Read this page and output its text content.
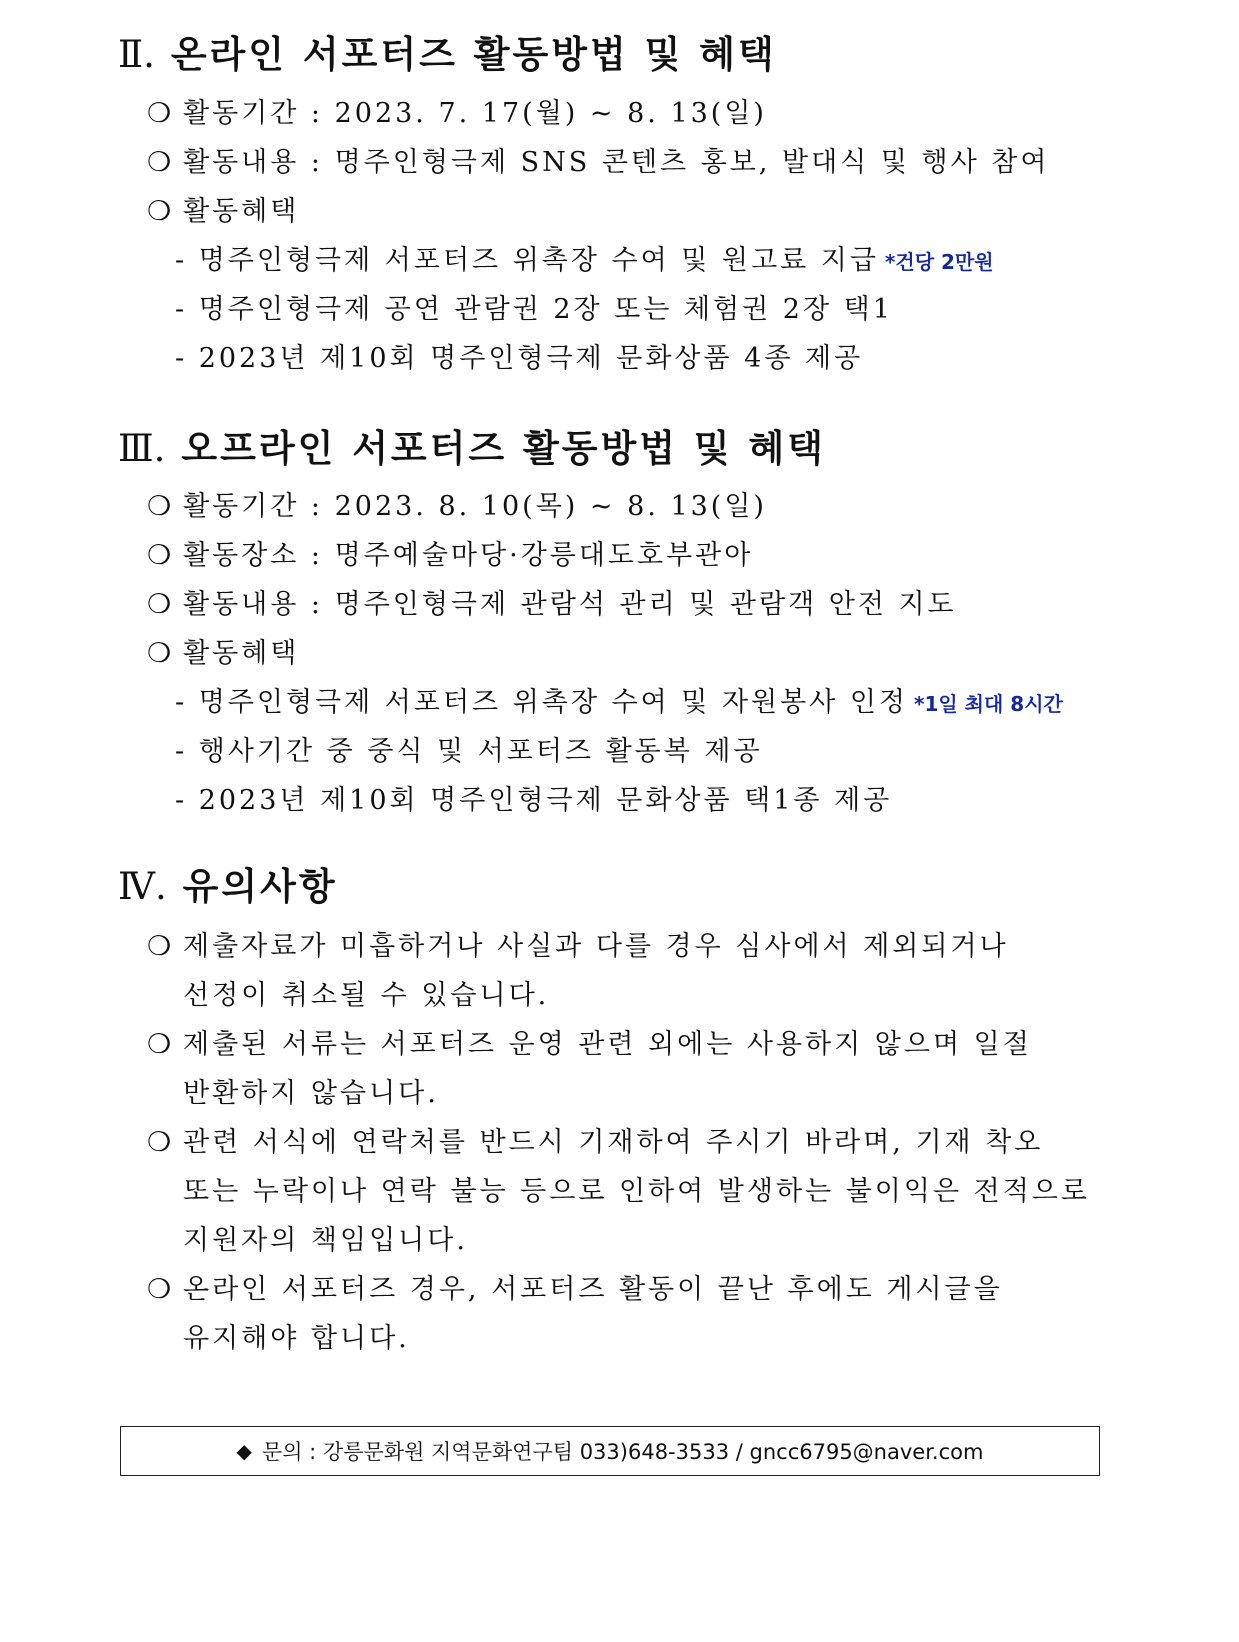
Ⅱ. 온라인 서포터즈 활동방법 및 혜택
❍ 활동기간 : 2023. 7. 17(월) ~ 8. 13(일)
❍ 활동내용 : 명주인형극제 SNS 콘텐츠 홍보, 발대식 및 행사 참여
❍ 활동혜택
- 명주인형극제 서포터즈 위촉장 수여 및 원고료 지급 *건당 2만원
- 명주인형극제 공연 관람권 2장 또는 체험권 2장 택1
- 2023년 제10회 명주인형극제 문화상품 4종 제공
Ⅲ. 오프라인 서포터즈 활동방법 및 혜택
❍ 활동기간 : 2023. 8. 10(목) ~ 8. 13(일)
❍ 활동장소 : 명주예술마당·강릉대도호부관아
❍ 활동내용 : 명주인형극제 관람석 관리 및 관람객 안전 지도
❍ 활동혜택
- 명주인형극제 서포터즈 위촉장 수여 및 자원봉사 인정 *1일 최대 8시간
- 행사기간 중 중식 및 서포터즈 활동복 제공
- 2023년 제10회 명주인형극제 문화상품 택1종 제공
Ⅳ. 유의사항
❍ 제출자료가 미흡하거나 사실과 다를 경우 심사에서 제외되거나
선정이 취소될 수 있습니다.
❍ 제출된 서류는 서포터즈 운영 관련 외에는 사용하지 않으며 일절
반환하지 않습니다.
❍ 관련 서식에 연락처를 반드시 기재하여 주시기 바라며, 기재 착오
또는 누락이나 연락 불능 등으로 인하여 발생하는 불이익은 전적으로
지원자의 책임입니다.
❍ 온라인 서포터즈 경우, 서포터즈 활동이 끝난 후에도 게시글을
유지해야 합니다.
◆ 문의 : 강릉문화원 지역문화연구팀 033)648-3533 / gncc6795@naver.com
